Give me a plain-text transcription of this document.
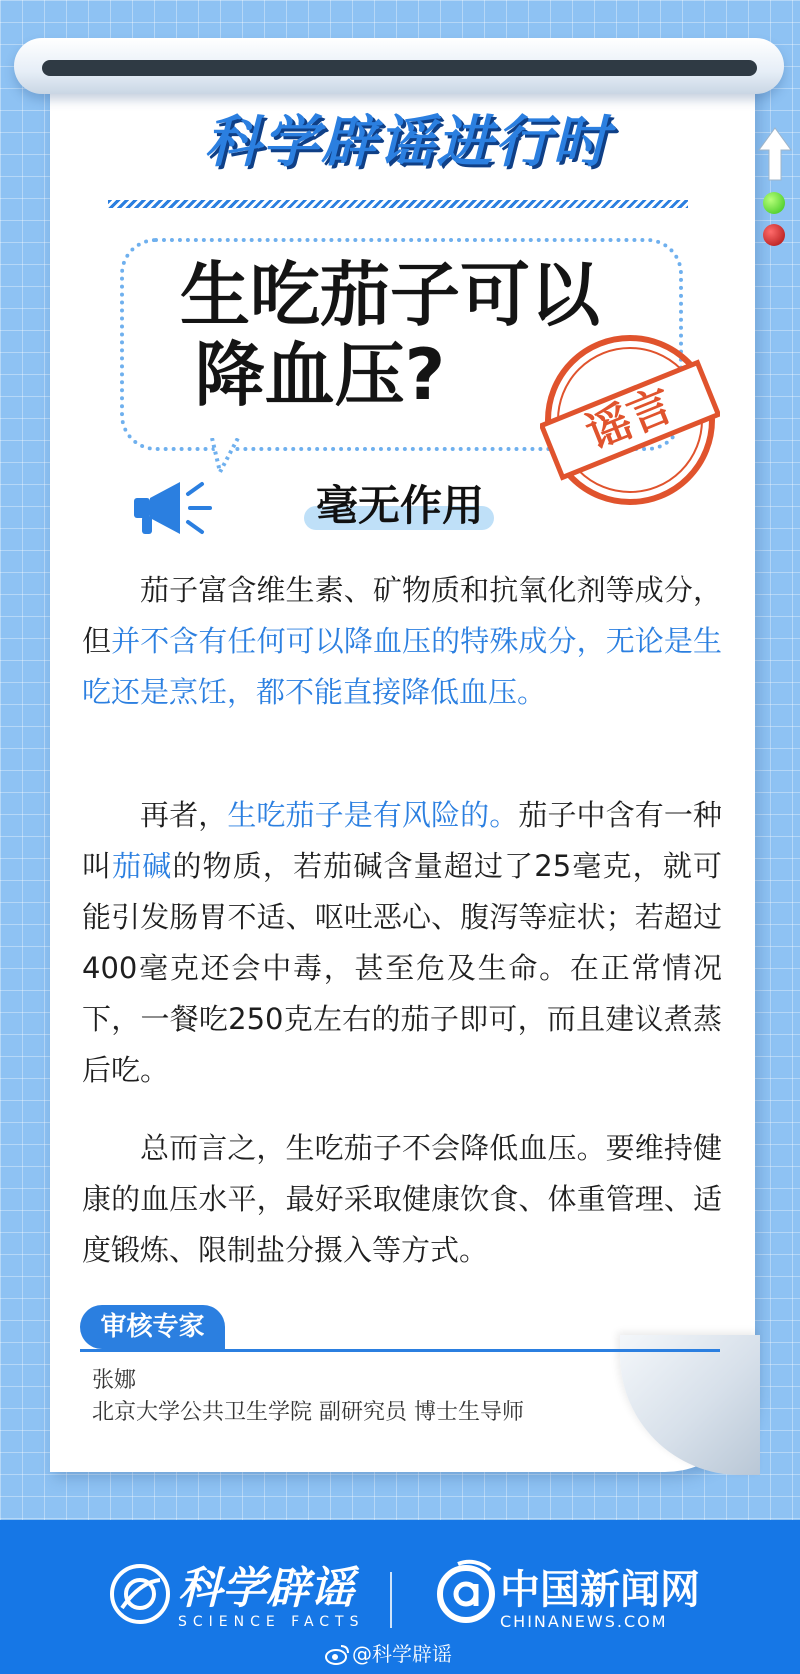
科学辟谣进行时
生吃茄子可以
降血压?
谣言
毫无作用
茄子富含维生素、矿物质和抗氧化剂等成分，但并不含有任何可以降血压的特殊成分，无论是生吃还是烹饪，都不能直接降低血压。
再者，生吃茄子是有风险的。茄子中含有一种叫茄碱的物质，若茄碱含量超过了25毫克，就可能引发肠胃不适、呕吐恶心、腹泻等症状；若超过400毫克还会中毒，甚至危及生命。在正常情况下，一餐吃250克左右的茄子即可，而且建议煮蒸后吃。
总而言之，生吃茄子不会降低血压。要维持健康的血压水平，最好采取健康饮食、体重管理、适度锻炼、限制盐分摄入等方式。
审核专家
张娜
北京大学公共卫生学院 副研究员 博士生导师
科学辟谣
SCIENCE FACTS
中国新闻网
CHINANEWS.COM
@科学辟谣
